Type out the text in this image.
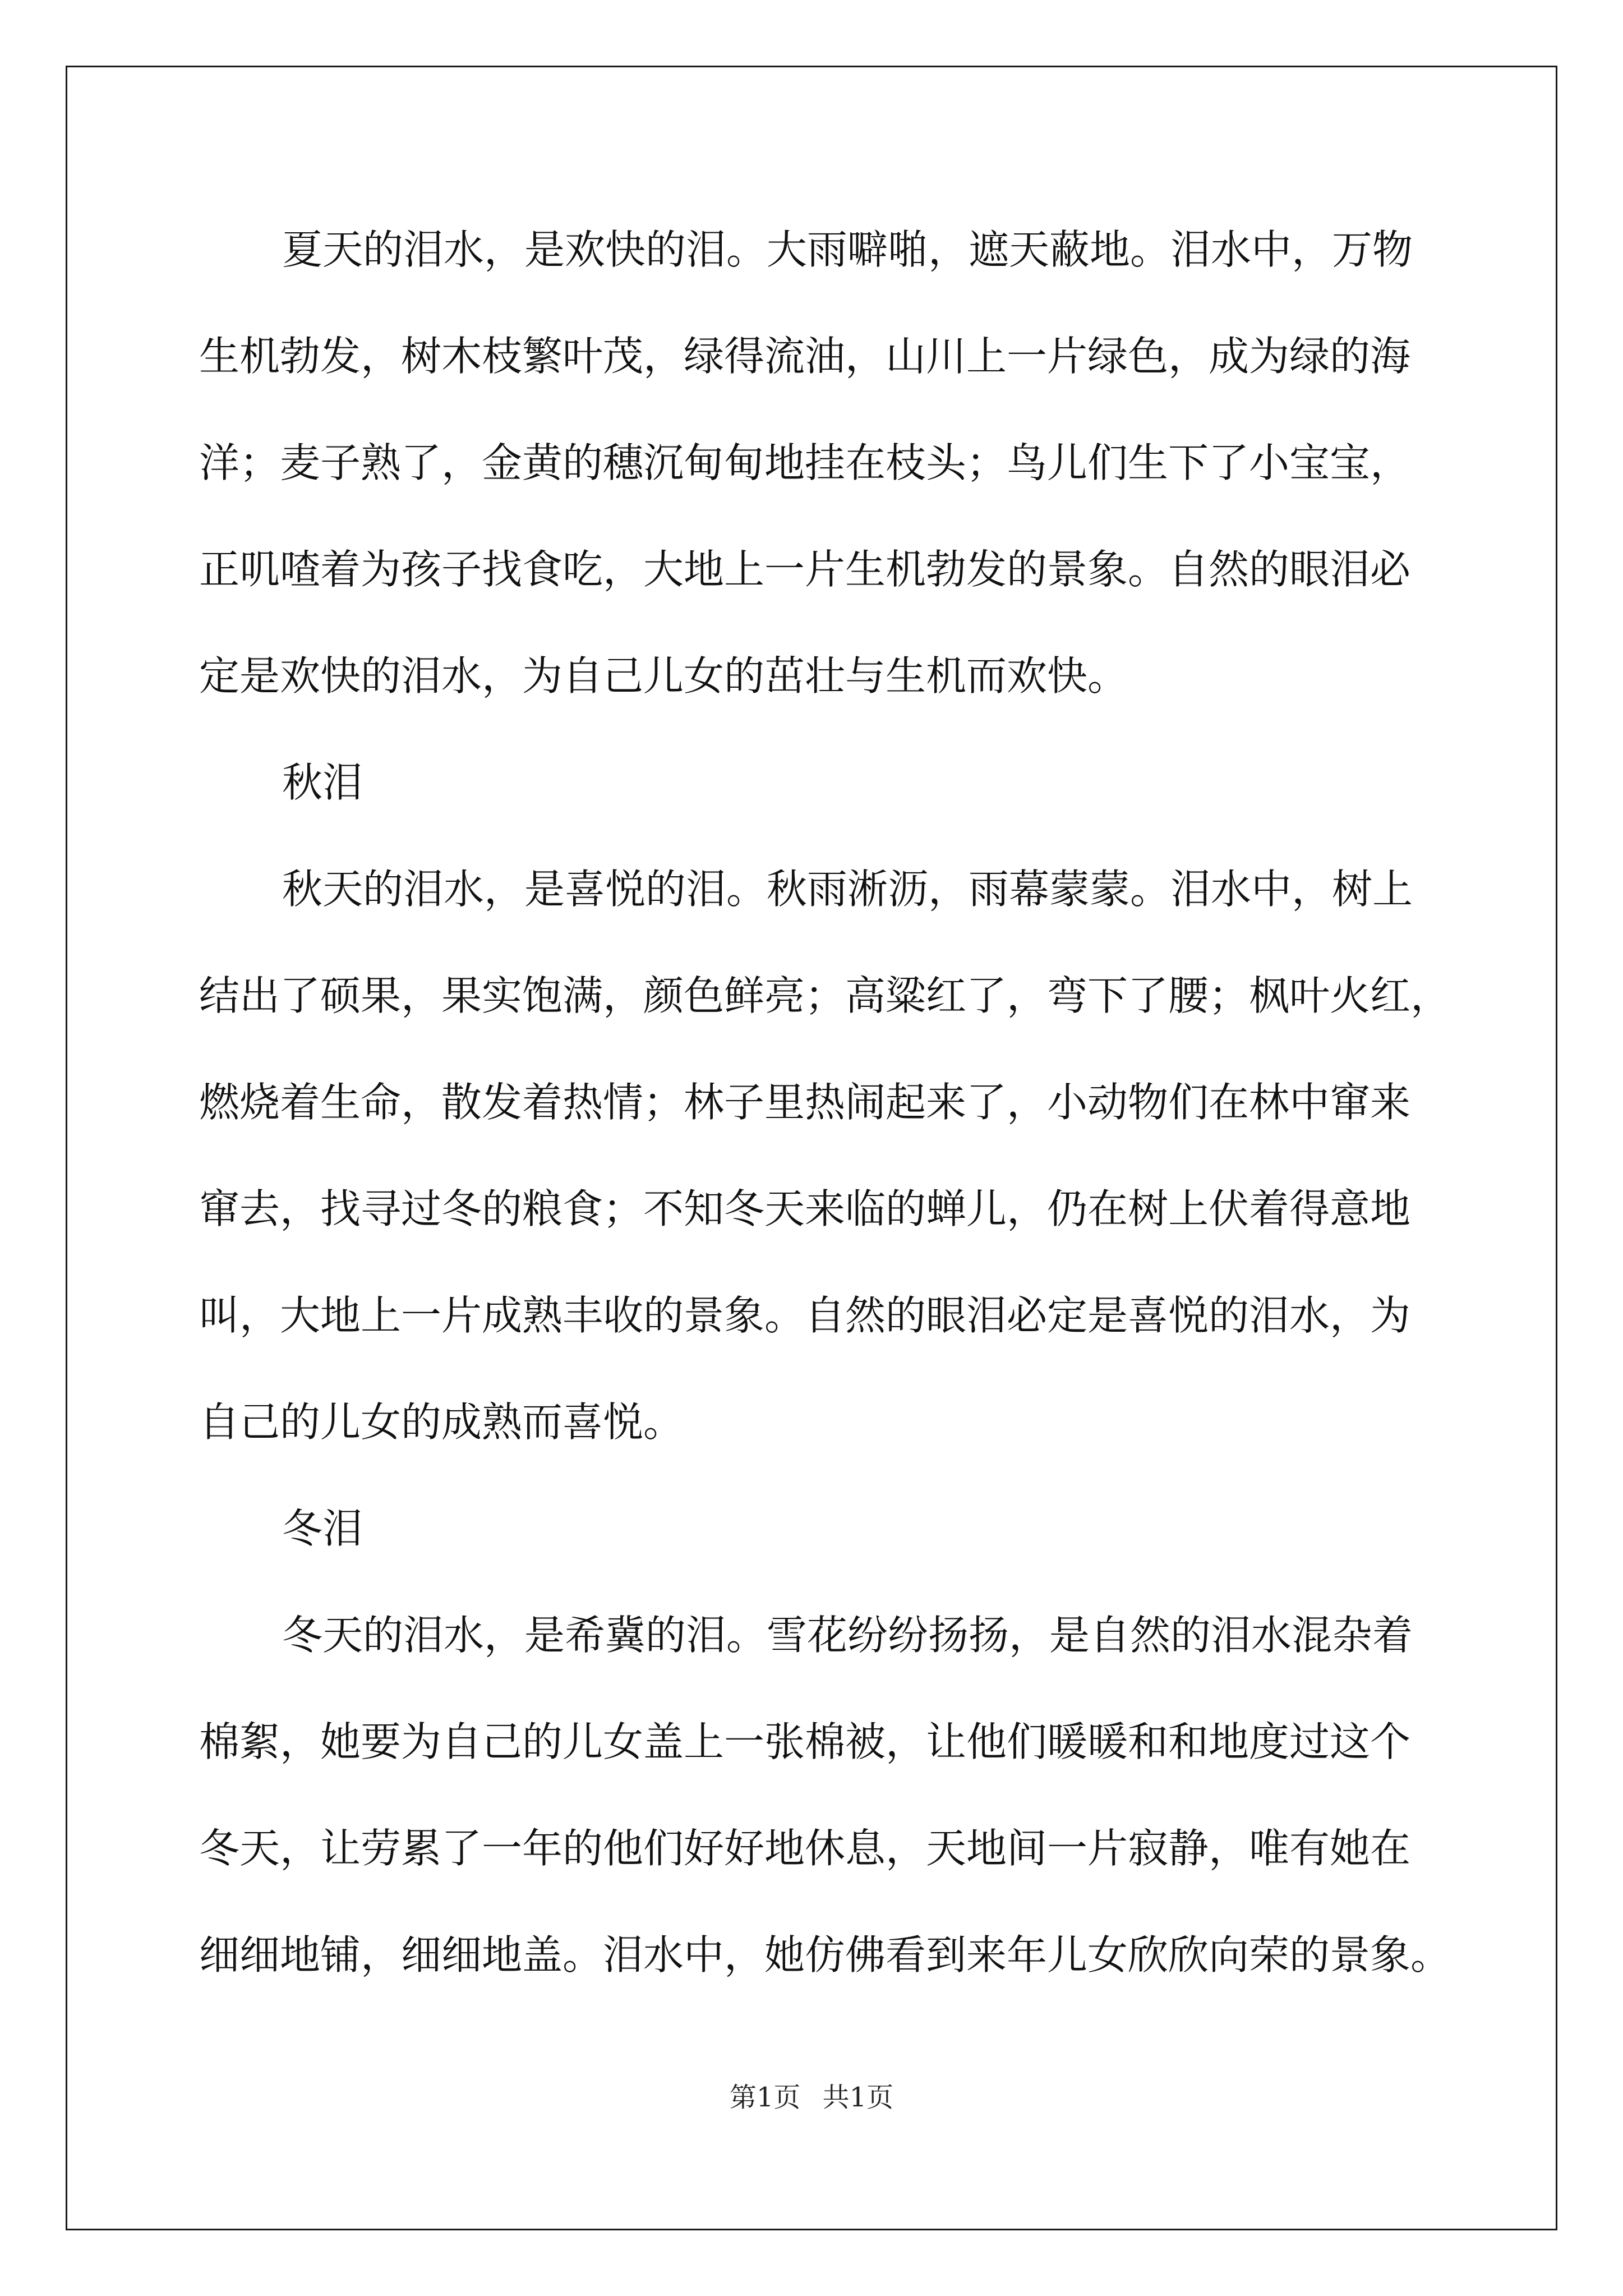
夏天的泪水，是欢快的泪。大雨噼啪，遮天蔽地。泪水中，万物
生机勃发，树木枝繁叶茂，绿得流油，山川上一片绿色，成为绿的海
洋；麦子熟了，金黄的穗沉甸甸地挂在枝头；鸟儿们生下了小宝宝，
正叽喳着为孩子找食吃，大地上一片生机勃发的景象。自然的眼泪必
定是欢快的泪水，为自己儿女的茁壮与生机而欢快。
秋泪
秋天的泪水，是喜悦的泪。秋雨淅沥，雨幕蒙蒙。泪水中，树上
结出了硕果，果实饱满，颜色鲜亮；高粱红了，弯下了腰；枫叶火红，
燃烧着生命，散发着热情；林子里热闹起来了，小动物们在林中窜来
窜去，找寻过冬的粮食；不知冬天来临的蝉儿，仍在树上伏着得意地
叫，大地上一片成熟丰收的景象。自然的眼泪必定是喜悦的泪水，为
自己的儿女的成熟而喜悦。
冬泪
冬天的泪水，是希冀的泪。雪花纷纷扬扬，是自然的泪水混杂着
棉絮，她要为自己的儿女盖上一张棉被，让他们暖暖和和地度过这个
冬天，让劳累了一年的他们好好地休息，天地间一片寂静，唯有她在
细细地铺，细细地盖。泪水中，她仿佛看到来年儿女欣欣向荣的景象。
第1页 共1页
